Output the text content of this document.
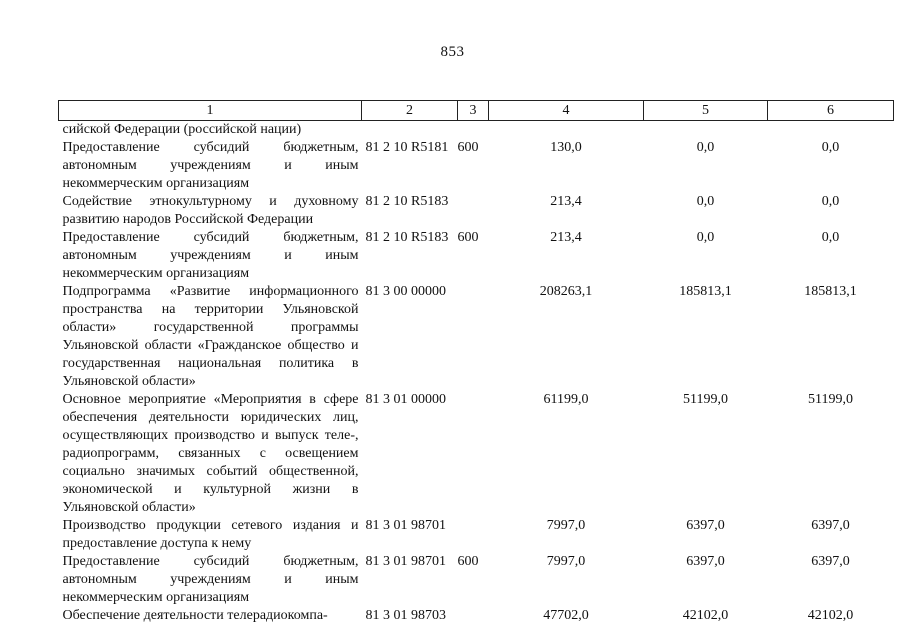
853
1	2	3	4	5	6
сийской Федерации (российской нации)					
Предоставление субсидий бюджетным, автономным учреждениям и иным некоммерческим организациям	81 2 10 R5181	600	130,0	0,0	0,0
Содействие этнокультурному и духовному развитию народов Российской Федерации	81 2 10 R5183		213,4	0,0	0,0
Предоставление субсидий бюджетным, автономным учреждениям и иным некоммерческим организациям	81 2 10 R5183	600	213,4	0,0	0,0
Подпрограмма «Развитие информационного пространства на территории Ульяновской области» государственной программы Ульяновской области «Гражданское общество и государственная национальная политика в Ульяновской области»	81 3 00 00000		208263,1	185813,1	185813,1
Основное мероприятие «Мероприятия в сфере обеспечения деятельности юридических лиц, осуществляющих производство и выпуск теле-, радиопрограмм, связанных с освещением социально значимых событий общественной, экономической и культурной жизни в Ульяновской области»	81 3 01 00000		61199,0	51199,0	51199,0
Производство продукции сетевого издания и предоставление доступа к нему	81 3 01 98701		7997,0	6397,0	6397,0
Предоставление субсидий бюджетным, автономным учреждениям и иным некоммерческим организациям	81 3 01 98701	600	7997,0	6397,0	6397,0
Обеспечение деятельности телерадиокомпа-	81 3 01 98703		47702,0	42102,0	42102,0
